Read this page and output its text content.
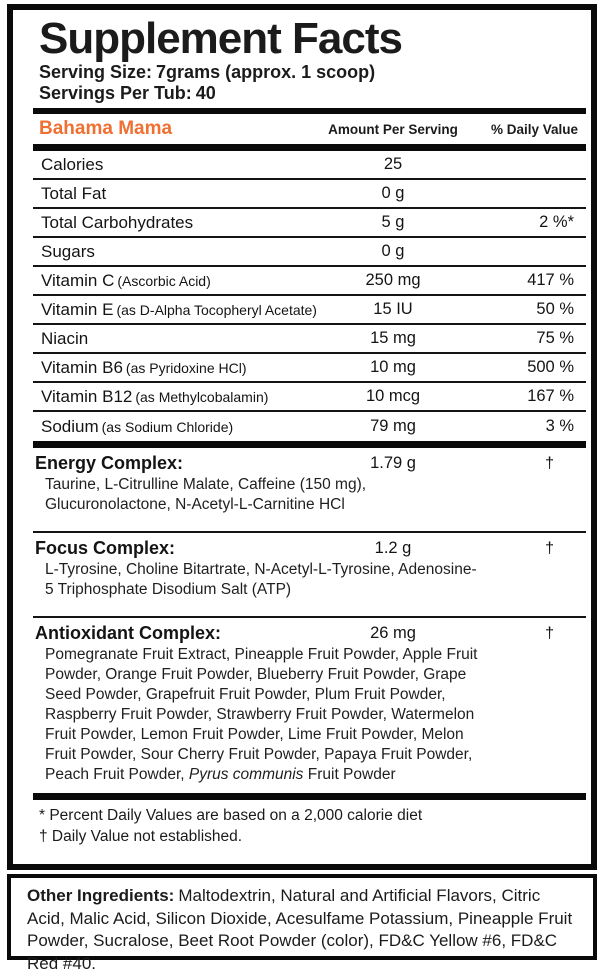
Supplement Facts
Serving Size: 7grams (approx. 1 scoop)
Servings Per Tub: 40
Bahama Mama	Amount Per Serving	% Daily Value
Calories	25
Total Fat	0 g
Total Carbohydrates	5 g	2 %*
Sugars	0 g
Vitamin C (Ascorbic Acid)	250 mg	417 %
Vitamin E (as D-Alpha Tocopheryl Acetate)	15 IU	50 %
Niacin	15 mg	75 %
Vitamin B6 (as Pyridoxine HCl)	10 mg	500 %
Vitamin B12 (as Methylcobalamin)	10 mcg	167 %
Sodium (as Sodium Chloride)	79 mg	3 %
Energy Complex:	1.79 g	†
Taurine, L-Citrulline Malate, Caffeine (150 mg), Glucuronolactone, N-Acetyl-L-Carnitine HCl
Focus Complex:	1.2 g	†
L-Tyrosine, Choline Bitartrate, N-Acetyl-L-Tyrosine, Adenosine-5 Triphosphate Disodium Salt (ATP)
Antioxidant Complex:	26 mg	†
Pomegranate Fruit Extract, Pineapple Fruit Powder, Apple Fruit Powder, Orange Fruit Powder, Blueberry Fruit Powder, Grape Seed Powder, Grapefruit Fruit Powder, Plum Fruit Powder, Raspberry Fruit Powder, Strawberry Fruit Powder, Watermelon Fruit Powder, Lemon Fruit Powder, Lime Fruit Powder, Melon Fruit Powder, Sour Cherry Fruit Powder, Papaya Fruit Powder, Peach Fruit Powder, Pyrus communis Fruit Powder
* Percent Daily Values are based on a 2,000 calorie diet
† Daily Value not established.

Other Ingredients: Maltodextrin, Natural and Artificial Flavors, Citric Acid, Malic Acid, Silicon Dioxide, Acesulfame Potassium, Pineapple Fruit Powder, Sucralose, Beet Root Powder (color), FD&C Yellow #6, FD&C Red #40.
